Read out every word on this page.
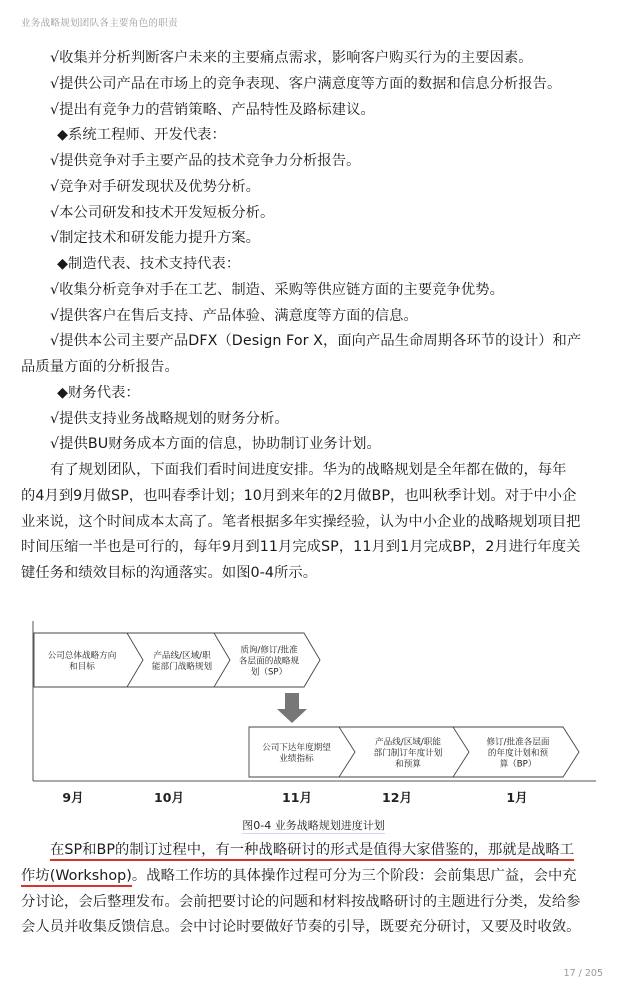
业务战略规划团队各主要角色的职责
√收集并分析判断客户未来的主要痛点需求，影响客户购买行为的主要因素。
√提供公司产品在市场上的竞争表现、客户满意度等方面的数据和信息分析报告。
√提出有竞争力的营销策略、产品特性及路标建议。
◆系统工程师、开发代表：
√提供竞争对手主要产品的技术竞争力分析报告。
√竞争对手研发现状及优势分析。
√本公司研发和技术开发短板分析。
√制定技术和研发能力提升方案。
◆制造代表、技术支持代表：
√收集分析竞争对手在工艺、制造、采购等供应链方面的主要竞争优势。
√提供客户在售后支持、产品体验、满意度等方面的信息。
√提供本公司主要产品DFX（Design For X，面向产品生命周期各环节的设计）和产
品质量方面的分析报告。
◆财务代表：
√提供支持业务战略规划的财务分析。
√提供BU财务成本方面的信息，协助制订业务计划。
有了规划团队，下面我们看时间进度安排。华为的战略规划是全年都在做的，每年
的4月到9月做SP，也叫春季计划；10月到来年的2月做BP，也叫秋季计划。对于中小企
业来说，这个时间成本太高了。笔者根据多年实操经验，认为中小企业的战略规划项目把
时间压缩一半也是可行的，每年9月到11月完成SP，11月到1月完成BP，2月进行年度关
键任务和绩效目标的沟通落实。如图0-4所示。
公司总体战略方向
和目标
产品线/区域/职
能部门战略规划
质询/修订/批准
各层面的战略规
划（SP）
公司下达年度期望
业绩指标
产品线/区域/职能
部门制订年度计划
和预算
修订/批准各层面
的年度计划和预
算（BP）
9月	10月	11月	12月	1月
图0-4 业务战略规划进度计划
在SP和BP的制订过程中，有一种战略研讨的形式是值得大家借鉴的，那就是战略工
作坊(Workshop)。战略工作坊的具体操作过程可分为三个阶段：会前集思广益，会中充
分讨论，会后整理发布。会前把要讨论的问题和材料按战略研讨的主题进行分类，发给参
会人员并收集反馈信息。会中讨论时要做好节奏的引导，既要充分研讨，又要及时收敛。
17 / 205
